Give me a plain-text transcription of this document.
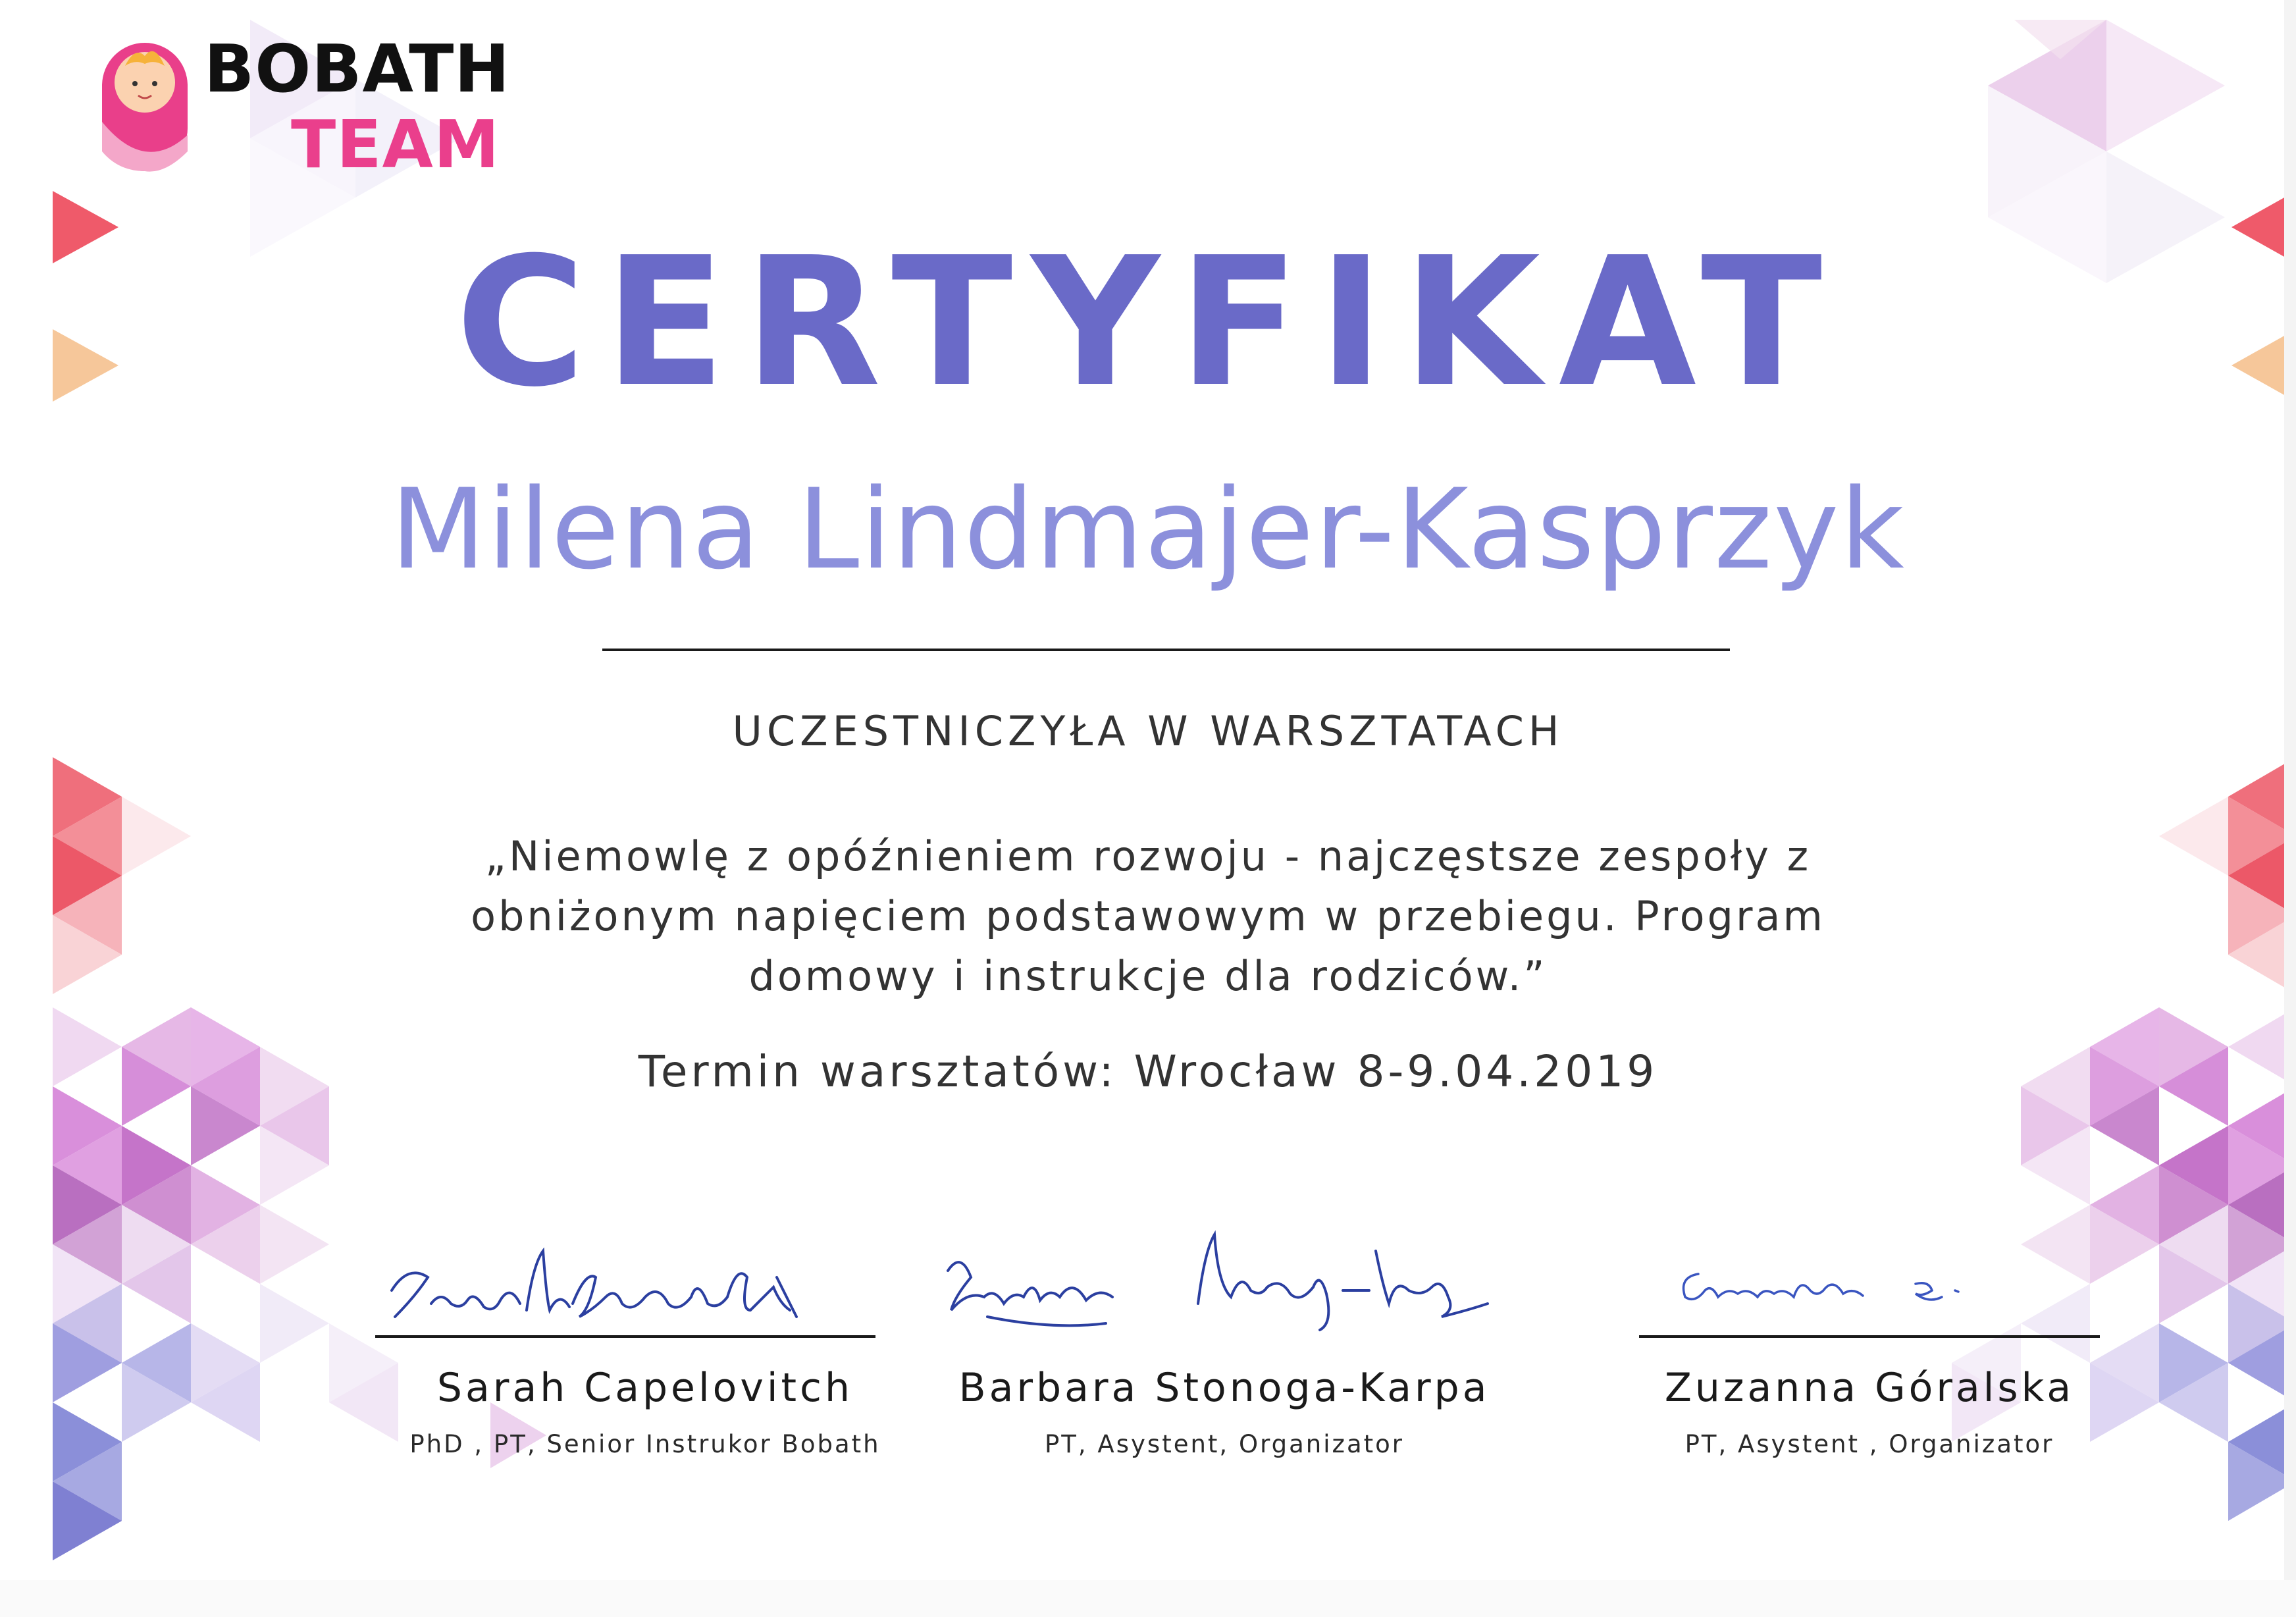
BOBATH
TEAM
CERTYFIKAT
Milena Lindmajer-Kasprzyk
UCZESTNICZYŁA W WARSZTATACH
„Niemowlę z opóźnieniem rozwoju - najczęstsze zespoły z
obniżonym napięciem podstawowym w przebiegu. Program
domowy i instrukcje dla rodziców.”
Termin warsztatów: Wrocław 8-9.04.2019
Sarah Capelovitch
PhD , PT, Senior Instrukor Bobath
Barbara Stonoga-Karpa
PT, Asystent, Organizator
Zuzanna Góralska
PT, Asystent , Organizator
